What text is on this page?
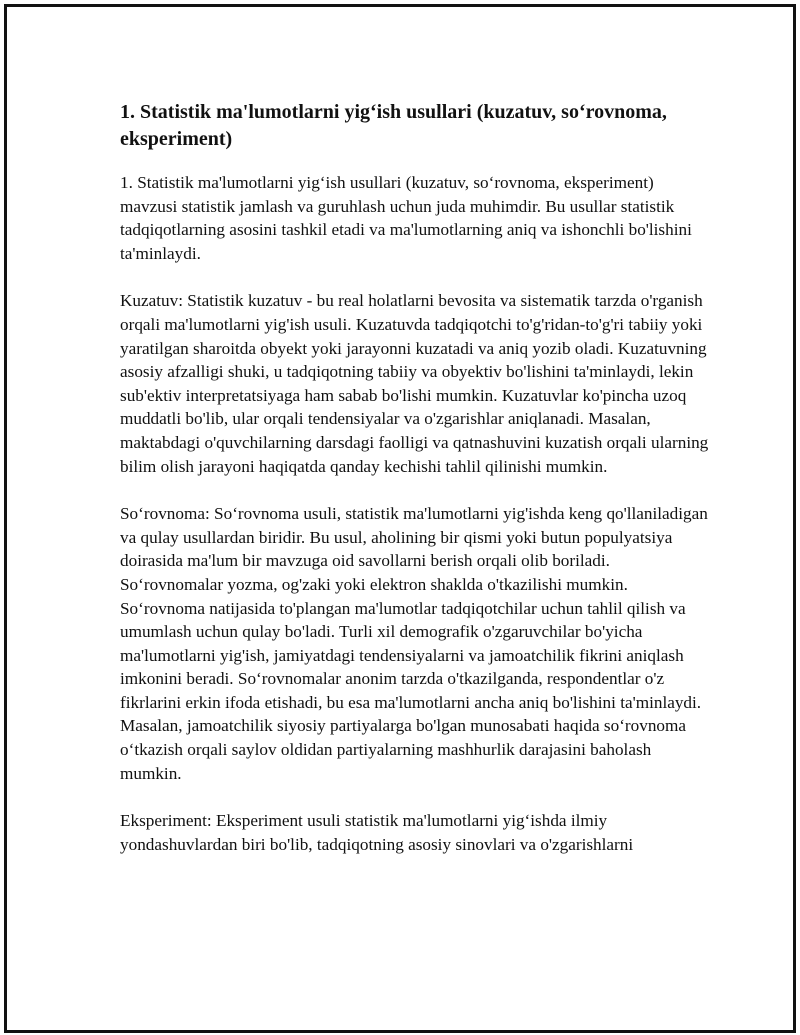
1. Statistik ma'lumotlarni yig‘ish usullari (kuzatuv, so‘rovnoma, eksperiment)

1. Statistik ma'lumotlarni yig‘ish usullari (kuzatuv, so‘rovnoma, eksperiment) mavzusi statistik jamlash va guruhlash uchun juda muhimdir. Bu usullar statistik tadqiqotlarning asosini tashkil etadi va ma'lumotlarning aniq va ishonchli bo'lishini ta'minlaydi.

Kuzatuv: Statistik kuzatuv - bu real holatlarni bevosita va sistematik tarzda o'rganish orqali ma'lumotlarni yig'ish usuli. Kuzatuvda tadqiqotchi to'g'ridan-to'g'ri tabiiy yoki yaratilgan sharoitda obyekt yoki jarayonni kuzatadi va aniq yozib oladi. Kuzatuvning asosiy afzalligi shuki, u tadqiqotning tabiiy va obyektiv bo'lishini ta'minlaydi, lekin sub'ektiv interpretatsiyaga ham sabab bo'lishi mumkin. Kuzatuvlar ko'pincha uzoq muddatli bo'lib, ular orqali tendensiyalar va o'zgarishlar aniqlanadi. Masalan, maktabdagi o'quvchilarning darsdagi faolligi va qatnashuvini kuzatish orqali ularning bilim olish jarayoni haqiqatda qanday kechishi tahlil qilinishi mumkin.

So‘rovnoma: So‘rovnoma usuli, statistik ma'lumotlarni yig'ishda keng qo'llaniladigan va qulay usullardan biridir. Bu usul, aholining bir qismi yoki butun populyatsiya doirasida ma'lum bir mavzuga oid savollarni berish orqali olib boriladi. So‘rovnomalar yozma, og'zaki yoki elektron shaklda o'tkazilishi mumkin. So‘rovnoma natijasida to'plangan ma'lumotlar tadqiqotchilar uchun tahlil qilish va umumlash uchun qulay bo'ladi. Turli xil demografik o'zgaruvchilar bo'yicha ma'lumotlarni yig'ish, jamiyatdagi tendensiyalarni va jamoatchilik fikrini aniqlash imkonini beradi. So‘rovnomalar anonim tarzda o'tkazilganda, respondentlar o'z fikrlarini erkin ifoda etishadi, bu esa ma'lumotlarni ancha aniq bo'lishini ta'minlaydi. Masalan, jamoatchilik siyosiy partiyalarga bo'lgan munosabati haqida so‘rovnoma o‘tkazish orqali saylov oldidan partiyalarning mashhurlik darajasini baholash mumkin.

Eksperiment: Eksperiment usuli statistik ma'lumotlarni yig‘ishda ilmiy yondashuvlardan biri bo'lib, tadqiqotning asosiy sinovlari va o'zgarishlarni
